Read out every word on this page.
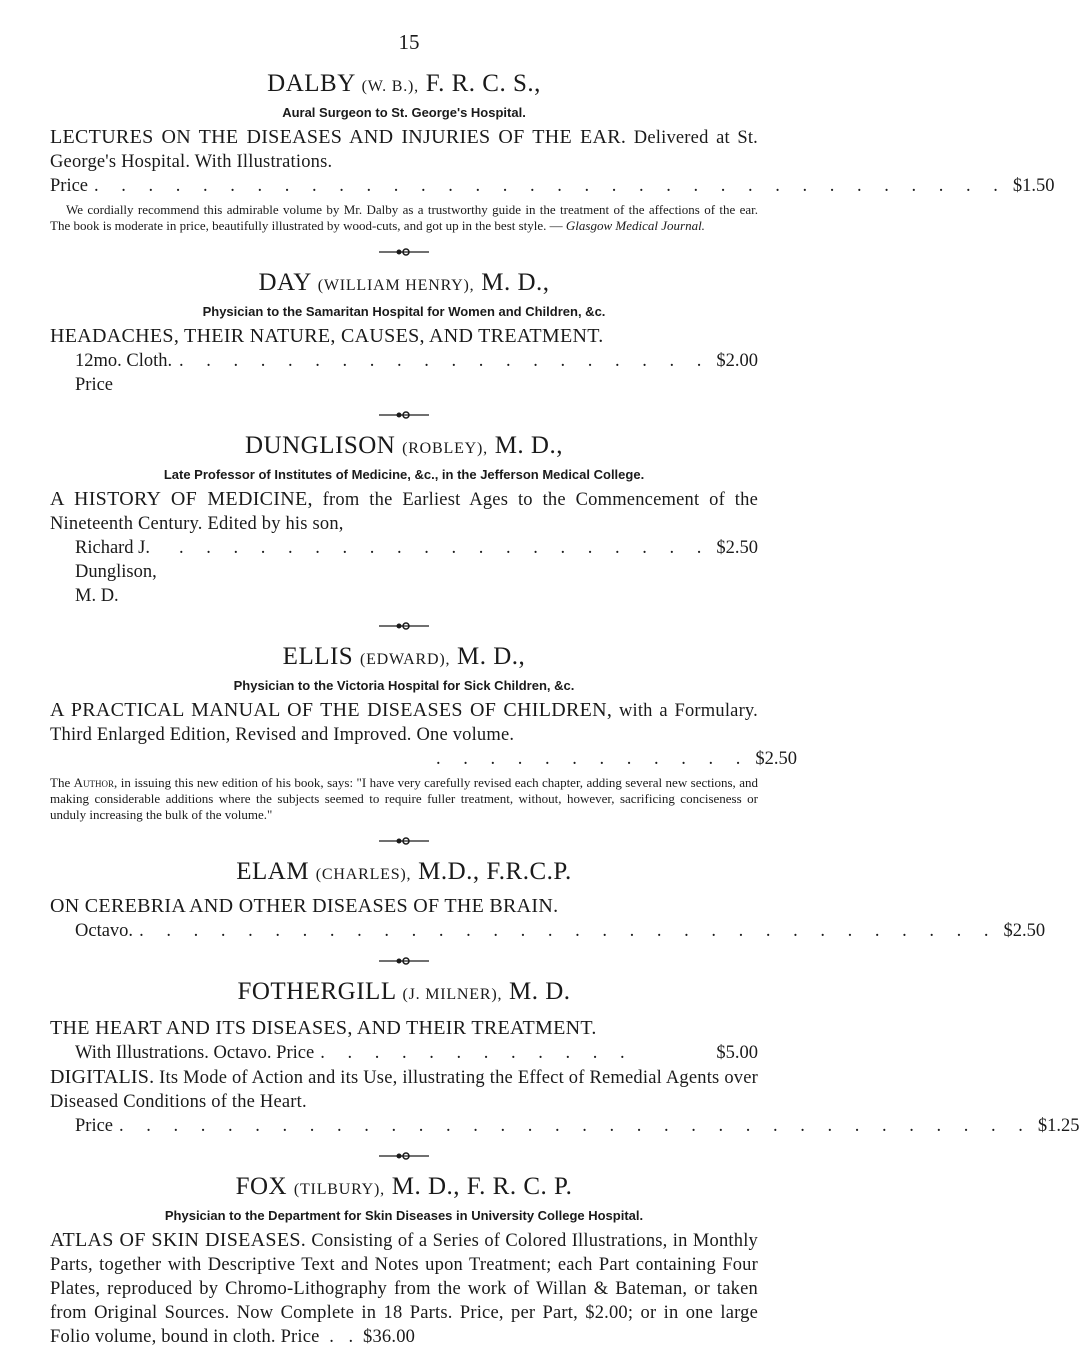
15

DALBY (W. B.), F. R. C. S.,

Aural Surgeon to St. George's Hospital.

LECTURES ON THE DISEASES AND INJURIES OF THE EAR. Delivered at St. George's Hospital. With Illustrations.

Price . . . . . . . . . . . . . . . . . . . . . . . . . . . . . . . . . . $1.50

We cordially recommend this admirable volume by Mr. Dalby as a trustworthy guide in the treatment of the affections of the ear. The book is moderate in price, beautifully illustrated by wood-cuts, and got up in the best style. — Glasgow Medical Journal.

DAY (WILLIAM HENRY), M. D.,

Physician to the Samaritan Hospital for Women and Children, &c.

HEADACHES, THEIR NATURE, CAUSES, AND TREATMENT.

12mo. Cloth. Price
. . . . . . . . . . . . . . . . . . . . $2.00

DUNGLISON (ROBLEY), M. D.,

Late Professor of Institutes of Medicine, &c., in the Jefferson Medical College.

A HISTORY OF MEDICINE, from the Earliest Ages to the Commencement of the Nineteenth Century. Edited by his son,

Richard J. Dunglison, M. D.
. . . . . . . . . . . . . . . . . . . . $2.50

ELLIS (EDWARD), M. D.,

Physician to the Victoria Hospital for Sick Children, &c.

A PRACTICAL MANUAL OF THE DISEASES OF CHILDREN, with a Formulary. Third Enlarged Edition, Revised and Improved. One volume.

. . . . . . . . . . . . $2.50

The Author, in issuing this new edition of his book, says: "I have very carefully revised each chapter, adding several new sections, and making considerable additions where the subjects seemed to require fuller treatment, without, however, sacrificing conciseness or unduly increasing the bulk of the volume."

ELAM (CHARLES), M.D., F.R.C.P.

ON CEREBRIA AND OTHER DISEASES OF THE BRAIN.

Octavo. . . . . . . . . . . . . . . . . . . . . . . . . . . . . . . . . $2.50

FOTHERGILL (J. MILNER), M. D.

THE HEART AND ITS DISEASES, AND THEIR TREATMENT.

With Illustrations. Octavo. Price . . . . . . . . . . . .	$5.00

DIGITALIS. Its Mode of Action and its Use, illustrating the Effect of Remedial Agents over Diseased Conditions of the Heart.

Price . . . . . . . . . . . . . . . . . . . . . . . . . . . . . . . . . . $1.25

FOX (TILBURY), M. D., F. R. C. P.

Physician to the Department for Skin Diseases in University College Hospital.

ATLAS OF SKIN DISEASES. Consisting of a Series of Colored Illustrations, in Monthly Parts, together with Descriptive Text and Notes upon Treatment; each Part containing Four Plates, reproduced by Chromo-Lithography from the work of Willan & Bateman, or taken from Original Sources. Now Complete in 18 Parts. Price, per Part, $2.00; or in one large Folio volume, bound in cloth. Price  .   .  $36.00
